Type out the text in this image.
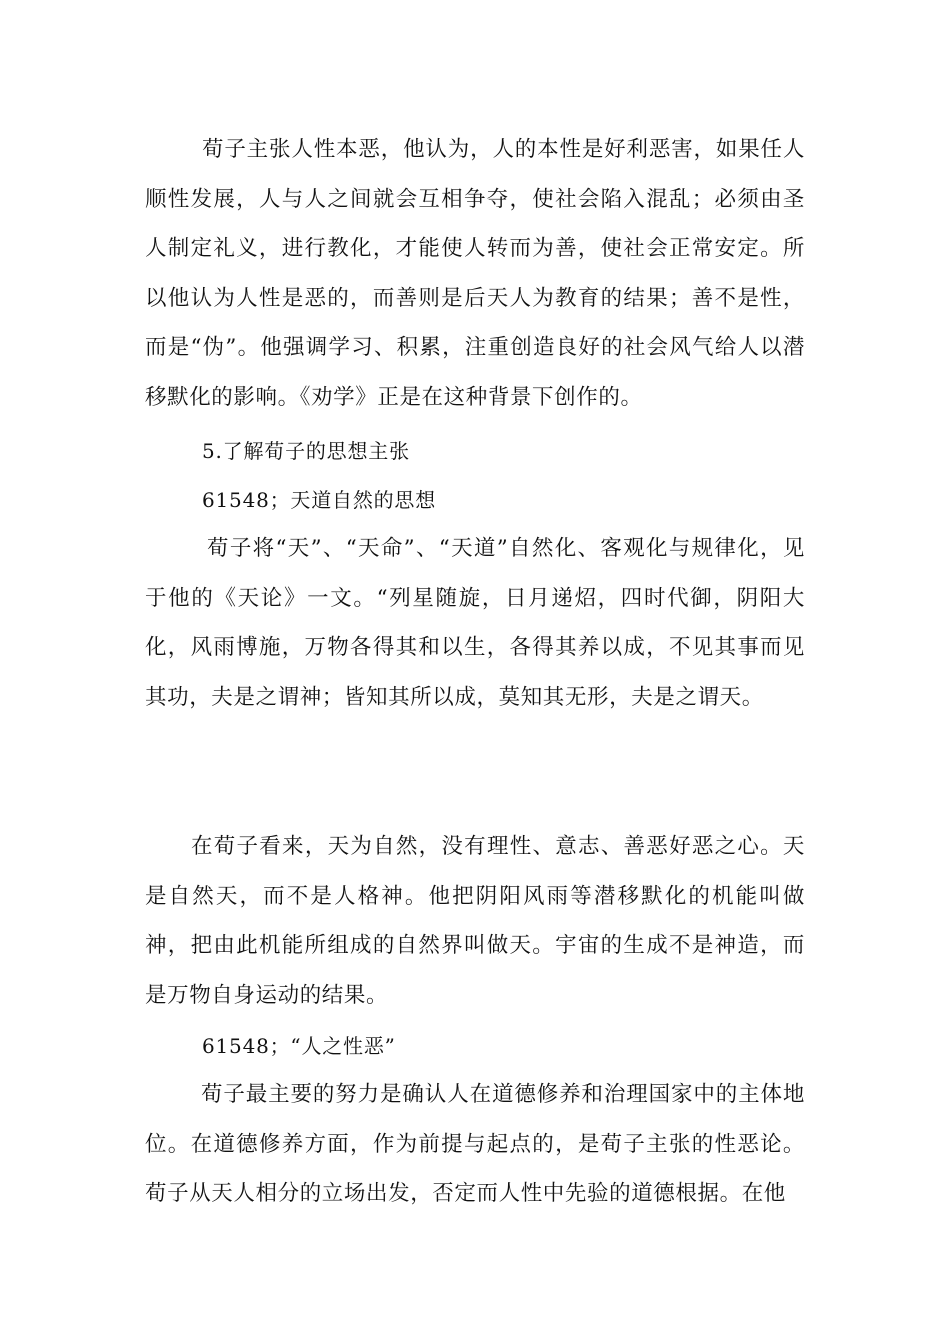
荀子主张人性本恶，他认为，人的本性是好利恶害，如果任人顺性发展，人与人之间就会互相争夺，使社会陷入混乱；必须由圣人制定礼义，进行教化，才能使人转而为善，使社会正常安定。所以他认为人性是恶的，而善则是后天人为教育的结果；善不是性，而是“伪”。他强调学习、积累，注重创造良好的社会风气给人以潜移默化的影响。《劝学》正是在这种背景下创作的。

5.了解荀子的思想主张

61548；天道自然的思想

荀子将“天”、“天命”、“天道”自然化、客观化与规律化，见于他的《天论》一文。“列星随旋，日月递炤，四时代御，阴阳大化，风雨博施，万物各得其和以生，各得其养以成，不见其事而见其功，夫是之谓神；皆知其所以成，莫知其无形，夫是之谓天。

在荀子看来，天为自然，没有理性、意志、善恶好恶之心。天是自然天，而不是人格神。他把阴阳风雨等潜移默化的机能叫做神，把由此机能所组成的自然界叫做天。宇宙的生成不是神造，而是万物自身运动的结果。

61548；“人之性恶”

荀子最主要的努力是确认人在道德修养和治理国家中的主体地位。在道德修养方面，作为前提与起点的，是荀子主张的性恶论。荀子从天人相分的立场出发，否定而人性中先验的道德根据。在他
